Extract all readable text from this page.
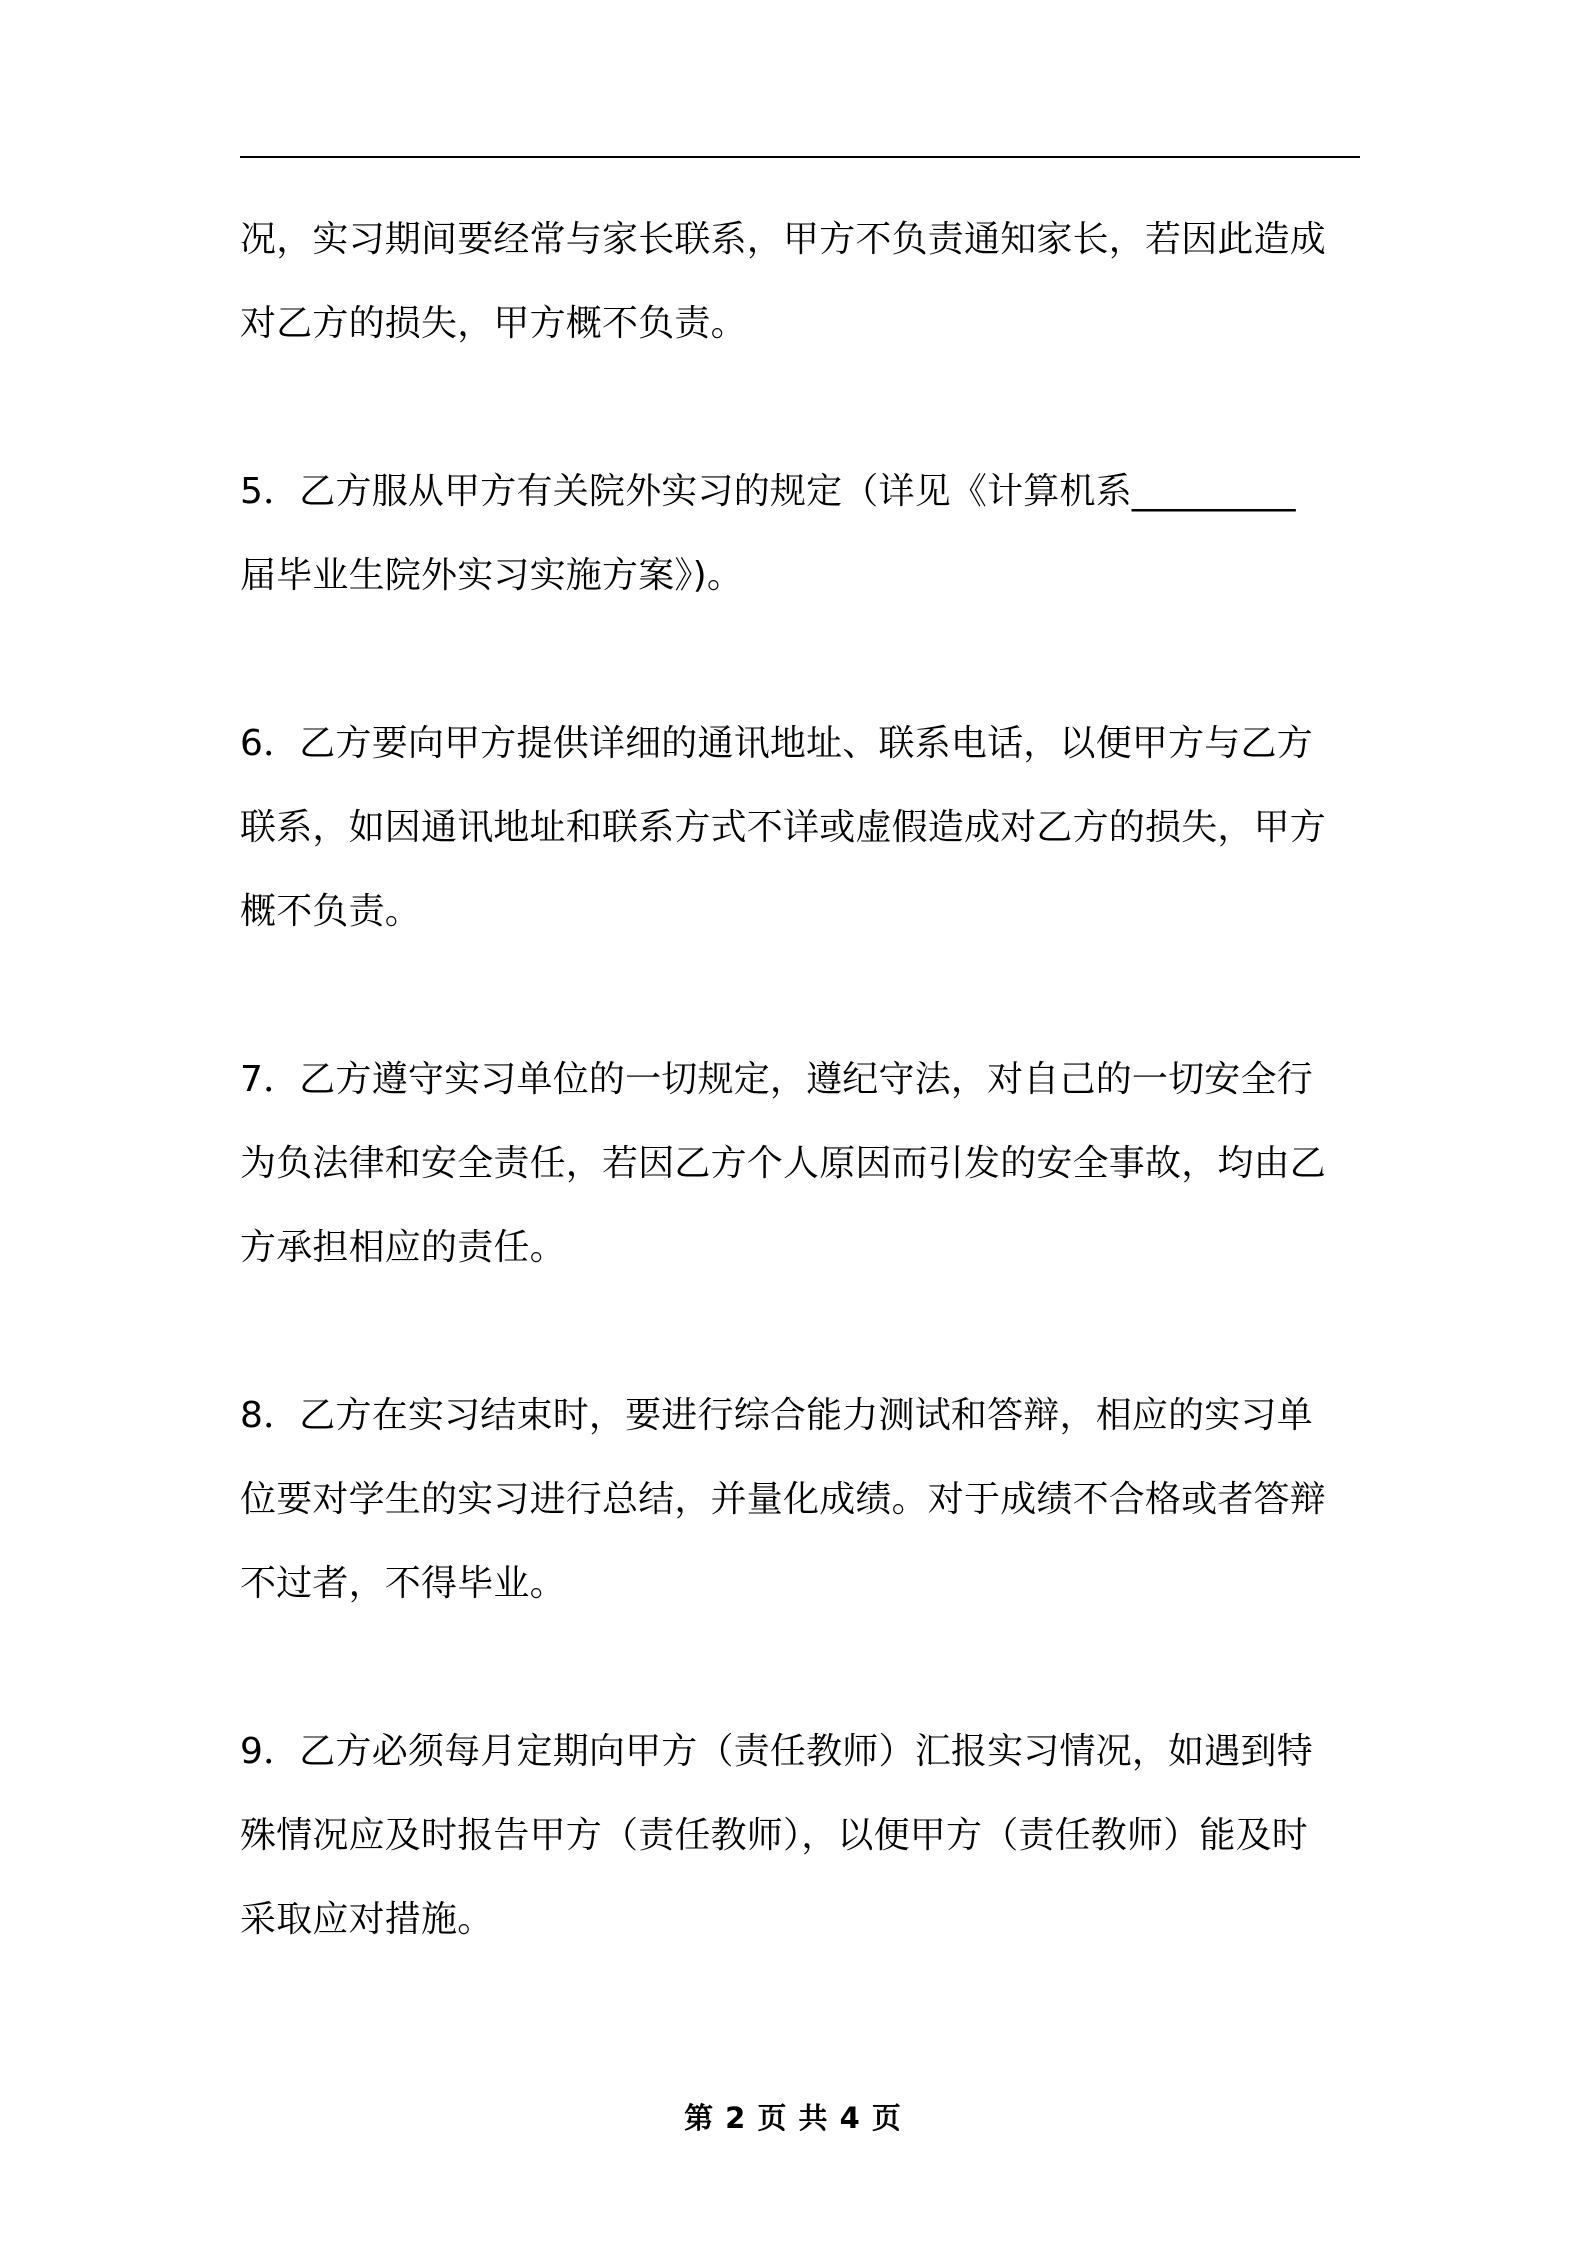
况，实习期间要经常与家长联系，甲方不负责通知家长，若因此造成
对乙方的损失，甲方概不负责。

5．乙方服从甲方有关院外实习的规定（详见《计算机系_________
届毕业生院外实习实施方案》)。

6．乙方要向甲方提供详细的通讯地址、联系电话，以便甲方与乙方
联系，如因通讯地址和联系方式不详或虚假造成对乙方的损失，甲方
概不负责。

7．乙方遵守实习单位的一切规定，遵纪守法，对自己的一切安全行
为负法律和安全责任，若因乙方个人原因而引发的安全事故，均由乙
方承担相应的责任。

8．乙方在实习结束时，要进行综合能力测试和答辩，相应的实习单
位要对学生的实习进行总结，并量化成绩。对于成绩不合格或者答辩
不过者，不得毕业。

9．乙方必须每月定期向甲方（责任教师）汇报实习情况，如遇到特
殊情况应及时报告甲方（责任教师），以便甲方（责任教师）能及时
采取应对措施。

第 2 页 共 4 页
